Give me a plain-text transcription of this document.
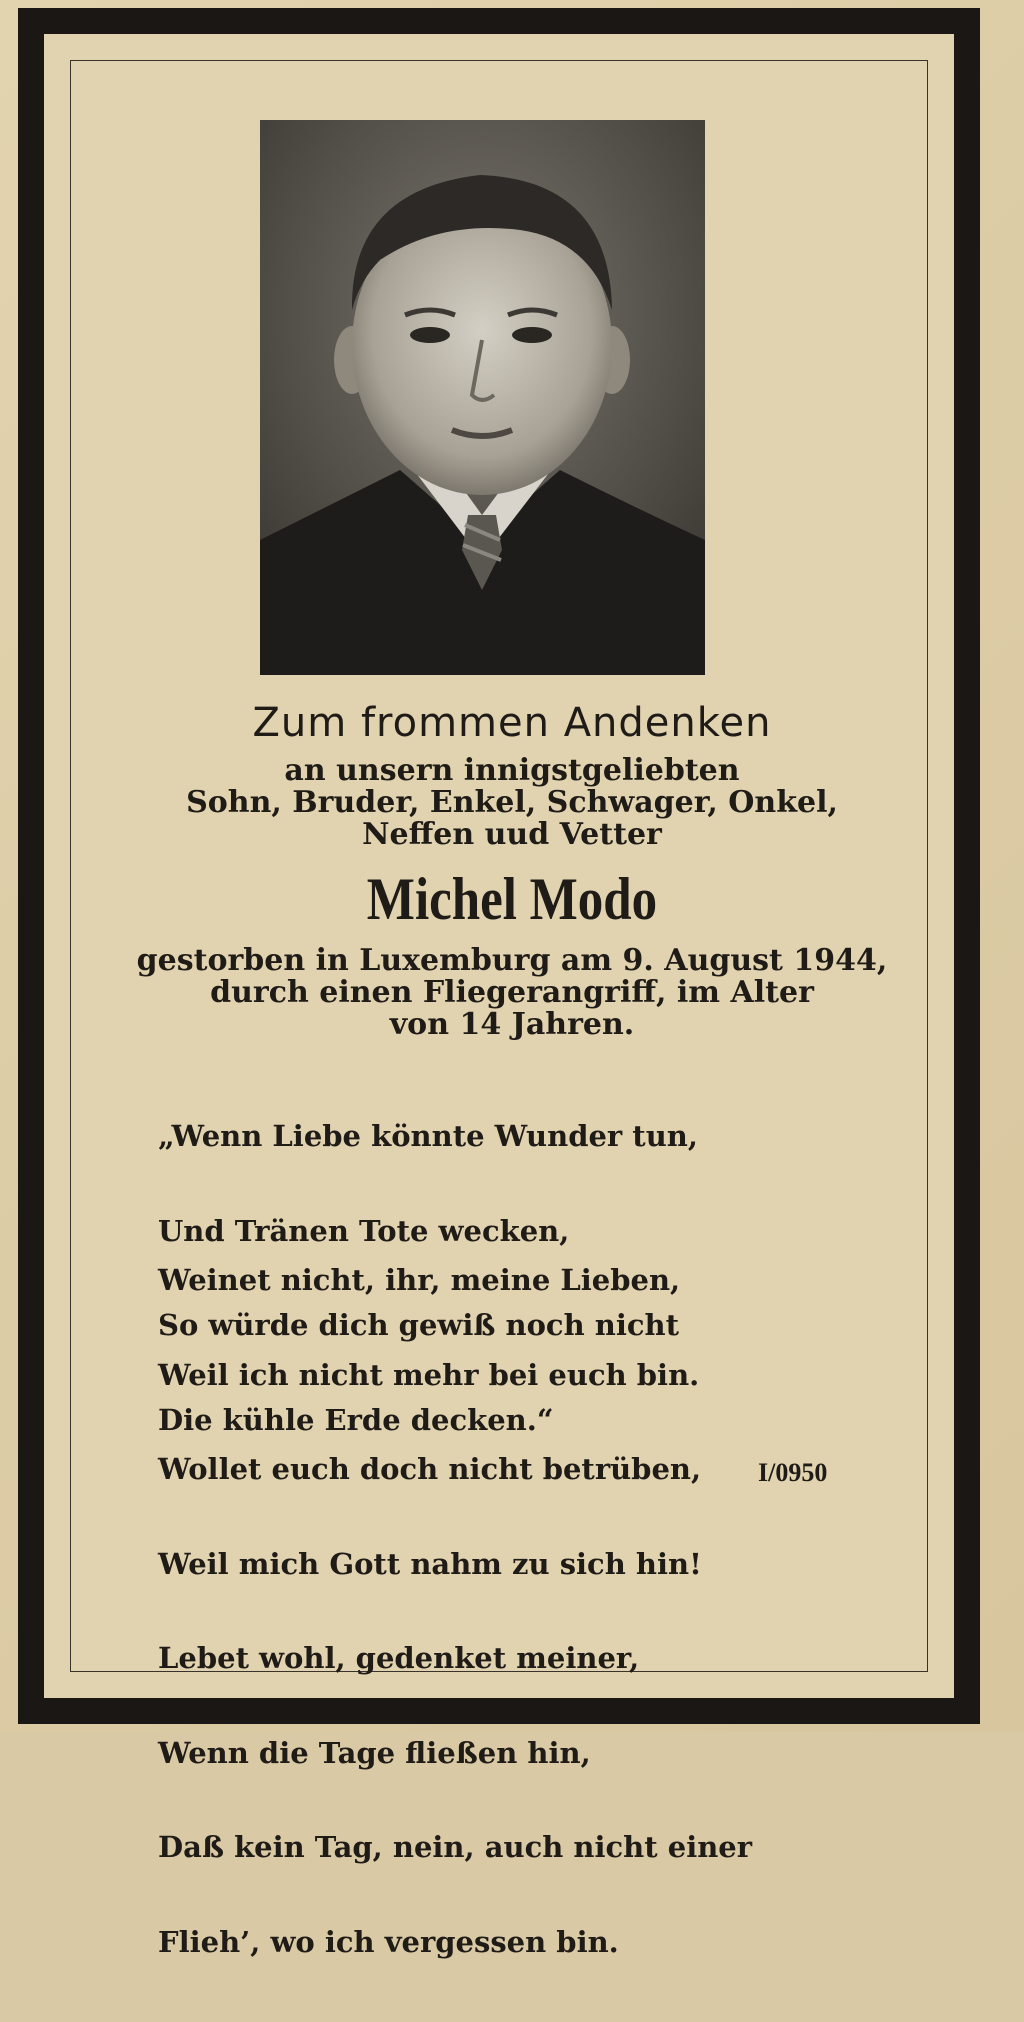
Zum frommen Andenken
an unsern innigstgeliebten
Sohn, Bruder, Enkel, Schwager, Onkel,
Neffen uud Vetter
Michel Modo
gestorben in Luxemburg am 9. August 1944,
durch einen Fliegerangriff, im Alter
von 14 Jahren.

„Wenn Liebe könnte Wunder tun,

Und Tränen Tote wecken,

So würde dich gewiß noch nicht

Die kühle Erde decken.“

Weinet nicht, ihr, meine Lieben,

Weil ich nicht mehr bei euch bin.

Wollet euch doch nicht betrüben,

Weil mich Gott nahm zu sich hin!

Lebet wohl, gedenket meiner,

Wenn die Tage fließen hin,

Daß kein Tag, nein, auch nicht einer

Flieh’, wo ich vergessen bin.

I/0950
